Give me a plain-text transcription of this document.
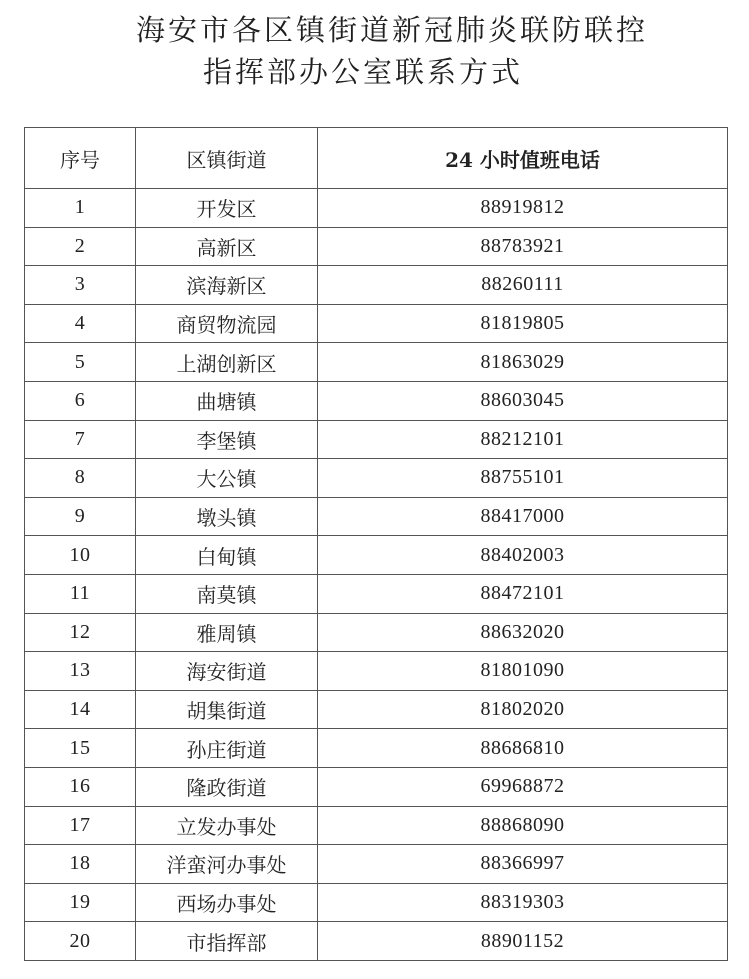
海安市各区镇街道新冠肺炎联防联控
指挥部办公室联系方式
序号	区镇街道	24 小时值班电话
1	开发区	88919812
2	高新区	88783921
3	滨海新区	88260111
4	商贸物流园	81819805
5	上湖创新区	81863029
6	曲塘镇	88603045
7	李堡镇	88212101
8	大公镇	88755101
9	墩头镇	88417000
10	白甸镇	88402003
11	南莫镇	88472101
12	雅周镇	88632020
13	海安街道	81801090
14	胡集街道	81802020
15	孙庄街道	88686810
16	隆政街道	69968872
17	立发办事处	88868090
18	洋蛮河办事处	88366997
19	西场办事处	88319303
20	市指挥部	88901152
